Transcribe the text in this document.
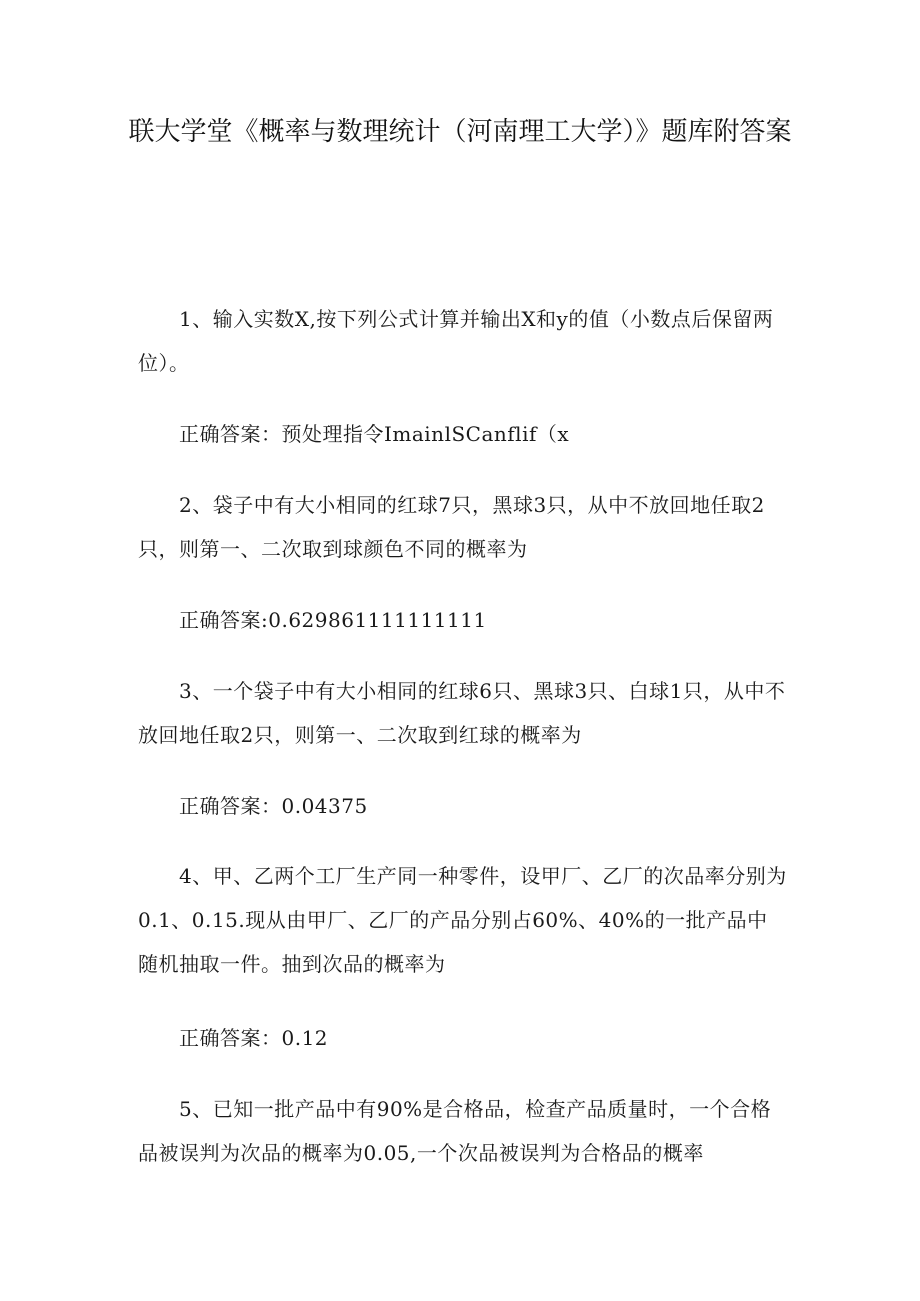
联大学堂《概率与数理统计（河南理工大学）》题库附答案

1、输入实数X,按下列公式计算并输出X和y的值（小数点后保留两位）。

正确答案：预处理指令ImainlSCanflif（x

2、袋子中有大小相同的红球7只，黑球3只，从中不放回地任取2只，则第一、二次取到球颜色不同的概率为

正确答案:0.629861111111111

3、一个袋子中有大小相同的红球6只、黑球3只、白球1只，从中不放回地任取2只，则第一、二次取到红球的概率为

正确答案：0.04375

4、甲、乙两个工厂生产同一种零件，设甲厂、乙厂的次品率分别为0.1、0.15.现从由甲厂、乙厂的产品分别占60%、40%的一批产品中随机抽取一件。抽到次品的概率为

正确答案：0.12

5、已知一批产品中有90%是合格品，检查产品质量时，一个合格品被误判为次品的概率为0.05,一个次品被误判为合格品的概率
